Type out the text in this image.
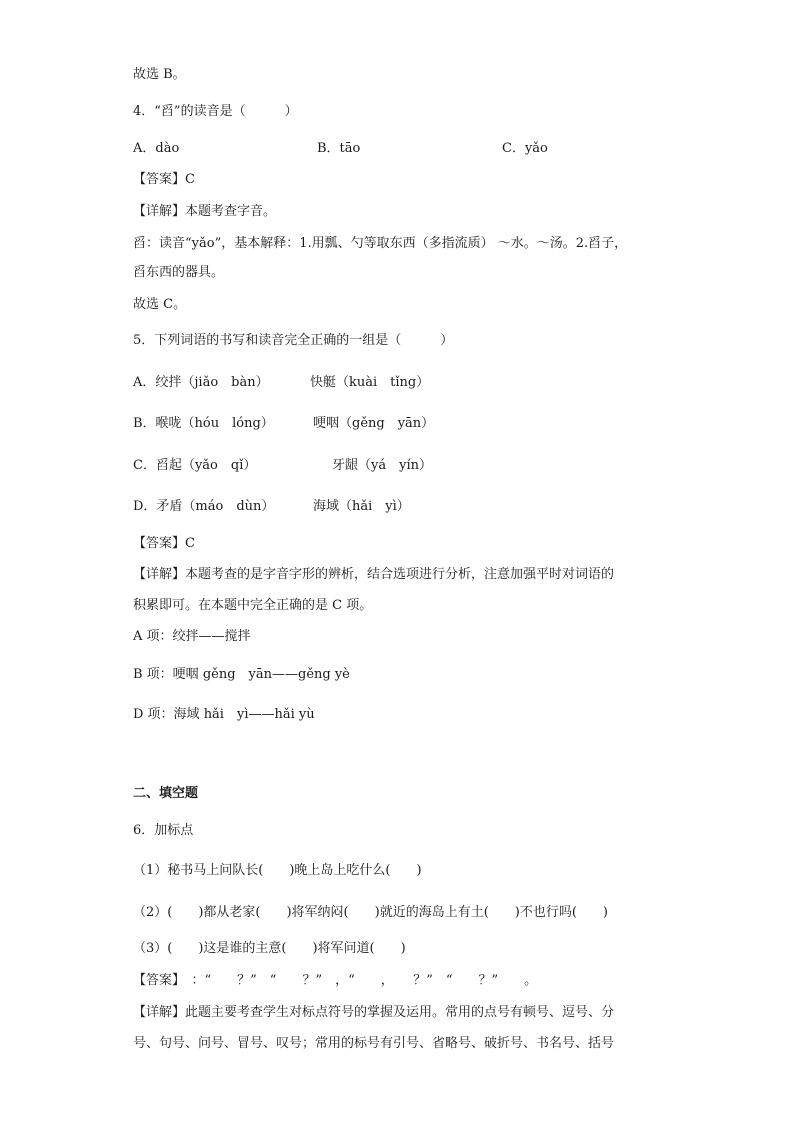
故选 B。
4．“舀”的读音是（　　　）
A．dào	B．tāo	C．yǎo
【答案】C
【详解】本题考查字音。
舀：读音“yǎo”，基本解释：1.用瓢、勺等取东西（多指流质） ～水。～汤。2.舀子，
舀东西的器具。
故选 C。
5．下列词语的书写和读音完全正确的一组是（　　　）
A．绞拌（jiǎo　bàn）	快艇（kuài　tǐng）
B．喉咙（hóu　lóng）	哽咽（gěng　yān）
C．舀起（yǎo　qǐ）	牙龈（yá　yín）
D．矛盾（máo　dùn）	海域（hǎi　yì）
【答案】C
【详解】本题考查的是字音字形的辨析，结合选项进行分析，注意加强平时对词语的
积累即可。在本题中完全正确的是 C 项。
A 项：绞拌——搅拌
B 项：哽咽 gěng　yān——gěng yè
D 项：海域 hǎi　yì——hǎi yù
二、填空题
6．加标点
（1）秘书马上问队长(　　)晚上岛上吃什么(　　)
（2）(　　)都从老家(　　)将军纳闷(　　)就近的海岛上有土(　　)不也行吗(　　)
（3）(　　)这是谁的主意(　　)将军问道(　　)
【答案】　：“　　？”　“　　？”　，“　　，　　？”　“　　？”　　。
【详解】此题主要考查学生对标点符号的掌握及运用。常用的点号有顿号、逗号、分
号、句号、问号、冒号、叹号；常用的标号有引号、省略号、破折号、书名号、括号
